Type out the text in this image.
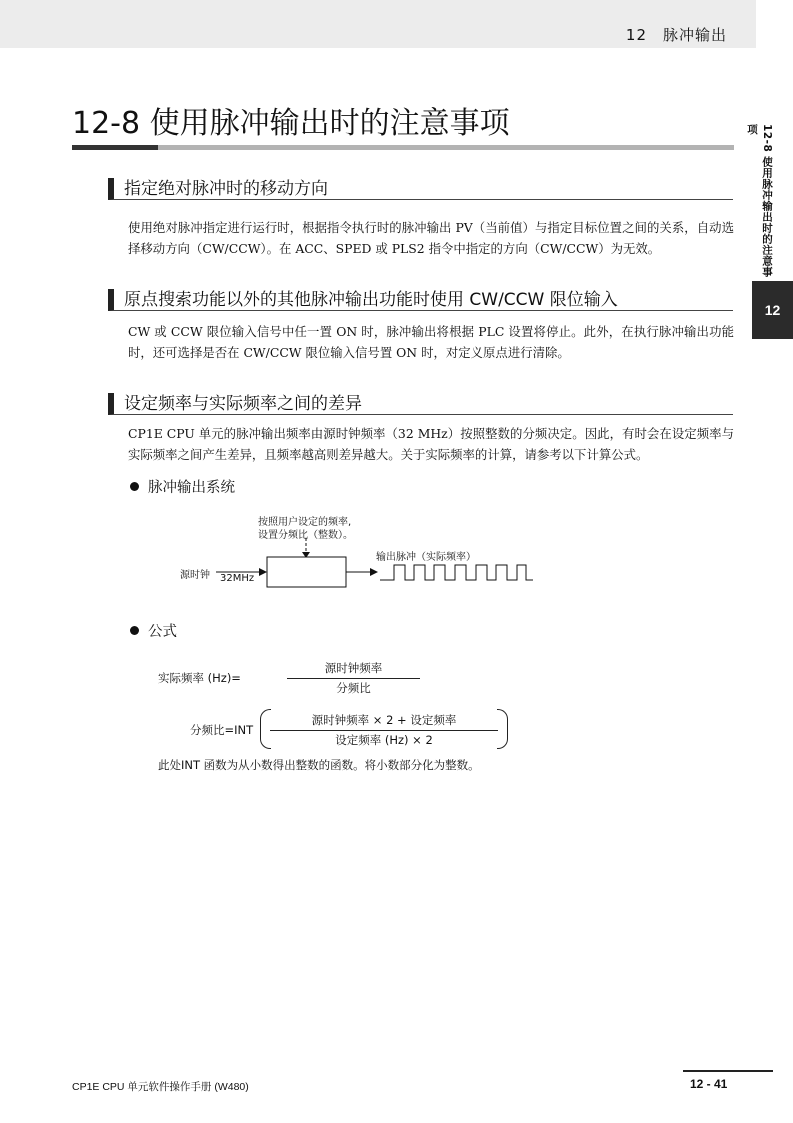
12　脉冲输出
12-8 使用脉冲输出时的注意事项
12
12-8 使用脉冲输出时的注意事项
指定绝对脉冲时的移动方向

使用绝对脉冲指定进行运行时，根据指令执行时的脉冲输出 PV（当前值）与指定目标位置之间的关系，自动选择移动方向（CW/CCW）。在 ACC、SPED 或 PLS2 指令中指定的方向（CW/CCW）为无效。

原点搜索功能以外的其他脉冲输出功能时使用 CW/CCW 限位输入

CW 或 CCW 限位输入信号中任一置 ON 时，脉冲输出将根据 PLC 设置将停止。此外，在执行脉冲输出功能时，还可选择是否在 CW/CCW 限位输入信号置 ON 时，对定义原点进行清除。

设定频率与实际频率之间的差异

CP1E CPU 单元的脉冲输出频率由源时钟频率（32 MHz）按照整数的分频决定。因此，有时会在设定频率与实际频率之间产生差异，且频率越高则差异越大。关于实际频率的计算，请参考以下计算公式。

脉冲输出系统
按照用户设定的频率,
设置分频比（整数）。
源时钟 32MHz
输出脉冲（实际频率）
公式
实际频率 (Hz)=
源时钟频率
分频比
分频比=INT
源时钟频率 × 2 + 设定频率
设定频率 (Hz) × 2
此处INT 函数为从小数得出整数的函数。将小数部分化为整数。
CP1E CPU 单元软件操作手册 (W480)	12 - 41
